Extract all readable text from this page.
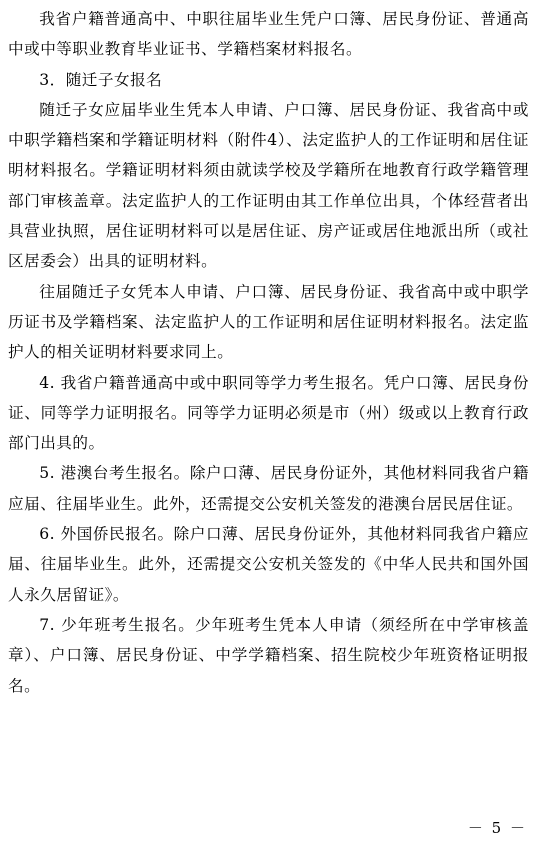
我省户籍普通高中、中职往届毕业生凭户口簿、居民身份证、普通高中或中等职业教育毕业证书、学籍档案材料报名。

3．随迁子女报名

随迁子女应届毕业生凭本人申请、户口簿、居民身份证、我省高中或中职学籍档案和学籍证明材料（附件4）、法定监护人的工作证明和居住证明材料报名。学籍证明材料须由就读学校及学籍所在地教育行政学籍管理部门审核盖章。法定监护人的工作证明由其工作单位出具，个体经营者出具营业执照，居住证明材料可以是居住证、房产证或居住地派出所（或社区居委会）出具的证明材料。

往届随迁子女凭本人申请、户口簿、居民身份证、我省高中或中职学历证书及学籍档案、法定监护人的工作证明和居住证明材料报名。法定监护人的相关证明材料要求同上。

4. 我省户籍普通高中或中职同等学力考生报名。凭户口簿、居民身份证、同等学力证明报名。同等学力证明必须是市（州）级或以上教育行政部门出具的。

5. 港澳台考生报名。除户口薄、居民身份证外，其他材料同我省户籍应届、往届毕业生。此外，还需提交公安机关签发的港澳台居民居住证。

6. 外国侨民报名。除户口薄、居民身份证外，其他材料同我省户籍应届、往届毕业生。此外，还需提交公安机关签发的《中华人民共和国外国人永久居留证》。

7. 少年班考生报名。少年班考生凭本人申请（须经所在中学审核盖章）、户口簿、居民身份证、中学学籍档案、招生院校少年班资格证明报名。

－ 5 －
